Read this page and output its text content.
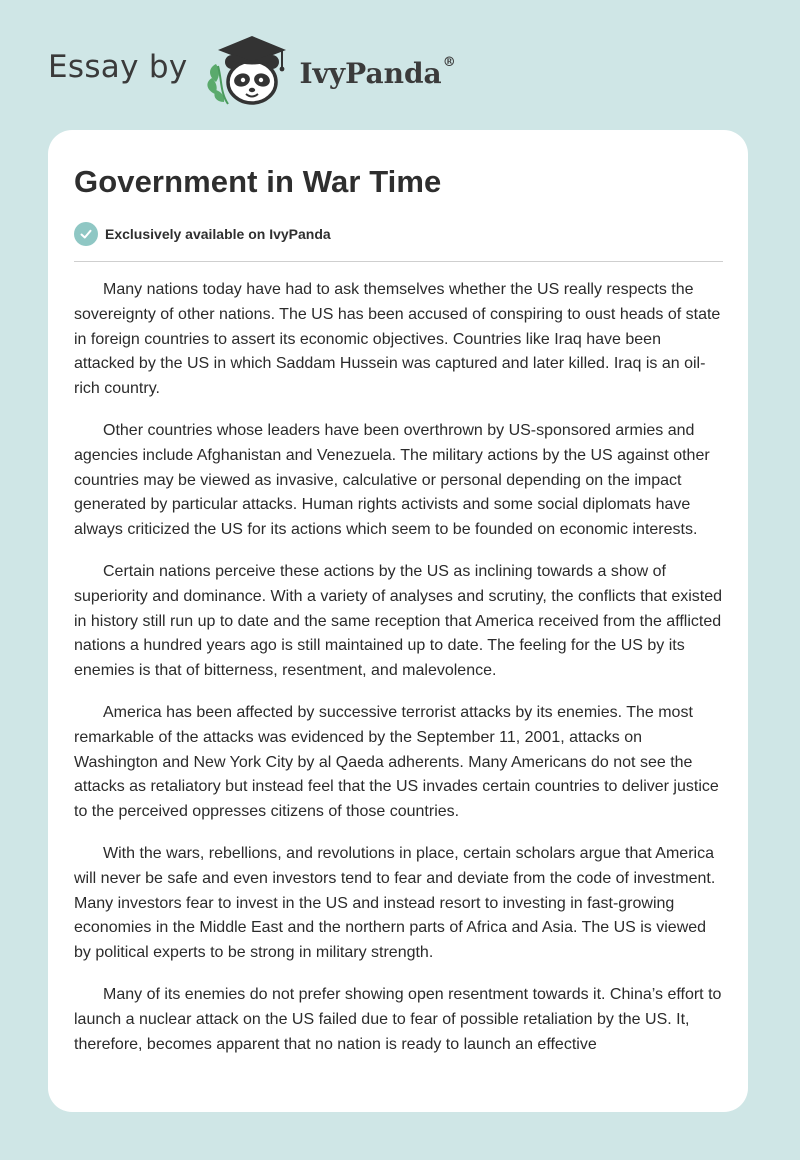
Essay by	IvyPanda®
Government in War Time
Exclusively available on IvyPanda

Many nations today have had to ask themselves whether the US really respects the sovereignty of other nations. The US has been accused of conspiring to oust heads of state in foreign countries to assert its economic objectives. Countries like Iraq have been attacked by the US in which Saddam Hussein was captured and later killed. Iraq is an oil-rich country.

Other countries whose leaders have been overthrown by US-sponsored armies and agencies include Afghanistan and Venezuela. The military actions by the US against other countries may be viewed as invasive, calculative or personal depending on the impact generated by particular attacks. Human rights activists and some social diplomats have always criticized the US for its actions which seem to be founded on economic interests.

Certain nations perceive these actions by the US as inclining towards a show of superiority and dominance. With a variety of analyses and scrutiny, the conflicts that existed in history still run up to date and the same reception that America received from the afflicted nations a hundred years ago is still maintained up to date. The feeling for the US by its enemies is that of bitterness, resentment, and malevolence.

America has been affected by successive terrorist attacks by its enemies. The most remarkable of the attacks was evidenced by the September 11, 2001, attacks on Washington and New York City by al Qaeda adherents. Many Americans do not see the attacks as retaliatory but instead feel that the US invades certain countries to deliver justice to the perceived oppresses citizens of those countries.

With the wars, rebellions, and revolutions in place, certain scholars argue that America will never be safe and even investors tend to fear and deviate from the code of investment. Many investors fear to invest in the US and instead resort to investing in fast-growing economies in the Middle East and the northern parts of Africa and Asia. The US is viewed by political experts to be strong in military strength.

Many of its enemies do not prefer showing open resentment towards it. China’s effort to launch a nuclear attack on the US failed due to fear of possible retaliation by the US. It, therefore, becomes apparent that no nation is ready to launch an effective
